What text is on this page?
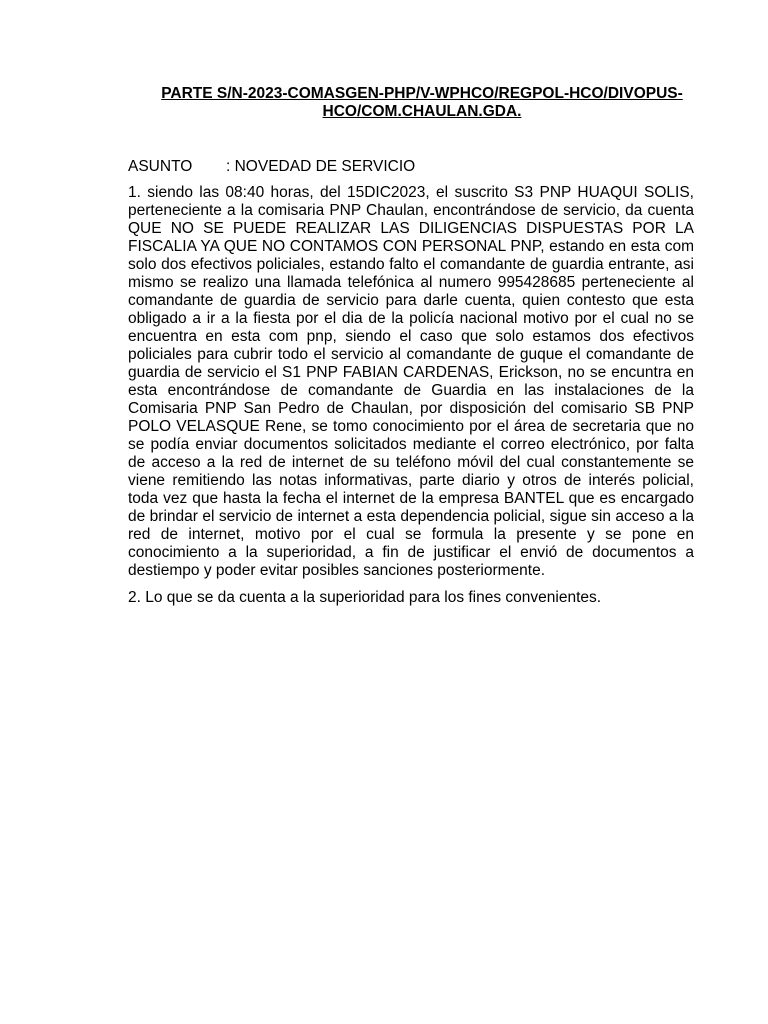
PARTE S/N-2023-COMASGEN-PHP/V-WPHCO/REGPOL-HCO/DIVOPUS-HCO/COM.CHAULAN.GDA.
ASUNTO	: NOVEDAD DE SERVICIO
1. siendo las 08:40 horas, del 15DIC2023, el suscrito S3 PNP HUAQUI SOLIS, perteneciente a la comisaria PNP Chaulan, encontrándose de servicio, da cuenta QUE NO SE PUEDE REALIZAR LAS DILIGENCIAS DISPUESTAS POR LA FISCALIA YA QUE NO CONTAMOS CON PERSONAL PNP, estando en esta com solo dos efectivos policiales, estando falto el comandante de guardia entrante, asi mismo se realizo una llamada telefónica al numero 995428685 perteneciente al comandante de guardia de servicio para darle cuenta, quien contesto que esta obligado a ir a la fiesta por el dia de la policía nacional motivo por el cual no se encuentra en esta com pnp, siendo el caso que solo estamos dos efectivos policiales para cubrir todo el servicio al comandante de guque el comandante de guardia de servicio el S1 PNP FABIAN CARDENAS, Erickson, no se encuntra en esta encontrándose de comandante de Guardia en las instalaciones de la Comisaria PNP San Pedro de Chaulan, por disposición del comisario SB PNP POLO VELASQUE Rene, se tomo conocimiento por el área de secretaria que no se podía enviar documentos solicitados mediante el correo electrónico, por falta de acceso a la red de internet de su teléfono móvil del cual constantemente se viene remitiendo las notas informativas, parte diario y otros de interés policial, toda vez que hasta la fecha el internet de la empresa BANTEL que es encargado de brindar el servicio de internet a esta dependencia policial, sigue sin acceso a la red de internet, motivo por el cual se formula la presente y se pone en conocimiento a la superioridad, a fin de justificar el envió de documentos a destiempo y poder evitar posibles sanciones posteriormente.
2. Lo que se da cuenta a la superioridad para los fines convenientes.
